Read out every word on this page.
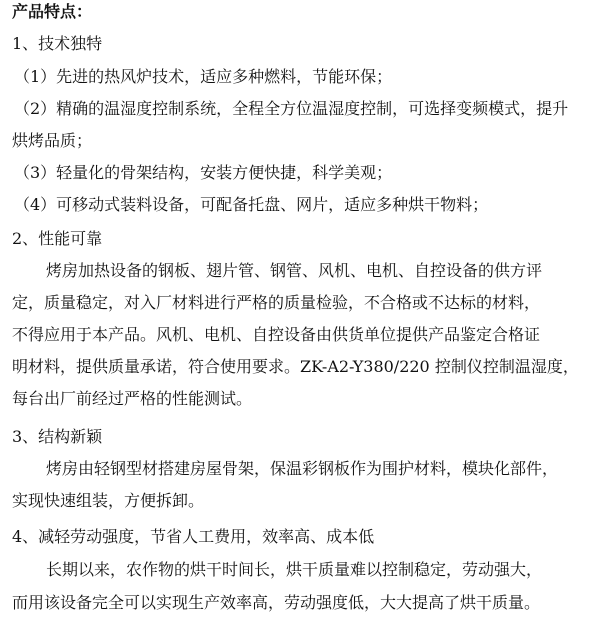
产品特点：
1、技术独特
（1）先进的热风炉技术，适应多种燃料，节能环保；
（2）精确的温湿度控制系统，全程全方位温湿度控制，可选择变频模式，提升
烘烤品质；
（3）轻量化的骨架结构，安装方便快捷，科学美观；
（4）可移动式装料设备，可配备托盘、网片，适应多种烘干物料；
2、性能可靠
烤房加热设备的钢板、翅片管、钢管、风机、电机、自控设备的供方评
定，质量稳定，对入厂材料进行严格的质量检验，不合格或不达标的材料，
不得应用于本产品。风机、电机、自控设备由供货单位提供产品鉴定合格证
明材料，提供质量承诺，符合使用要求。ZK-A2-Y380/220 控制仪控制温湿度，
每台出厂前经过严格的性能测试。
3、结构新颖
烤房由轻钢型材搭建房屋骨架，保温彩钢板作为围护材料，模块化部件，
实现快速组装，方便拆卸。
4、减轻劳动强度，节省人工费用，效率高、成本低
长期以来，农作物的烘干时间长，烘干质量难以控制稳定，劳动强大，
而用该设备完全可以实现生产效率高，劳动强度低，大大提高了烘干质量。
